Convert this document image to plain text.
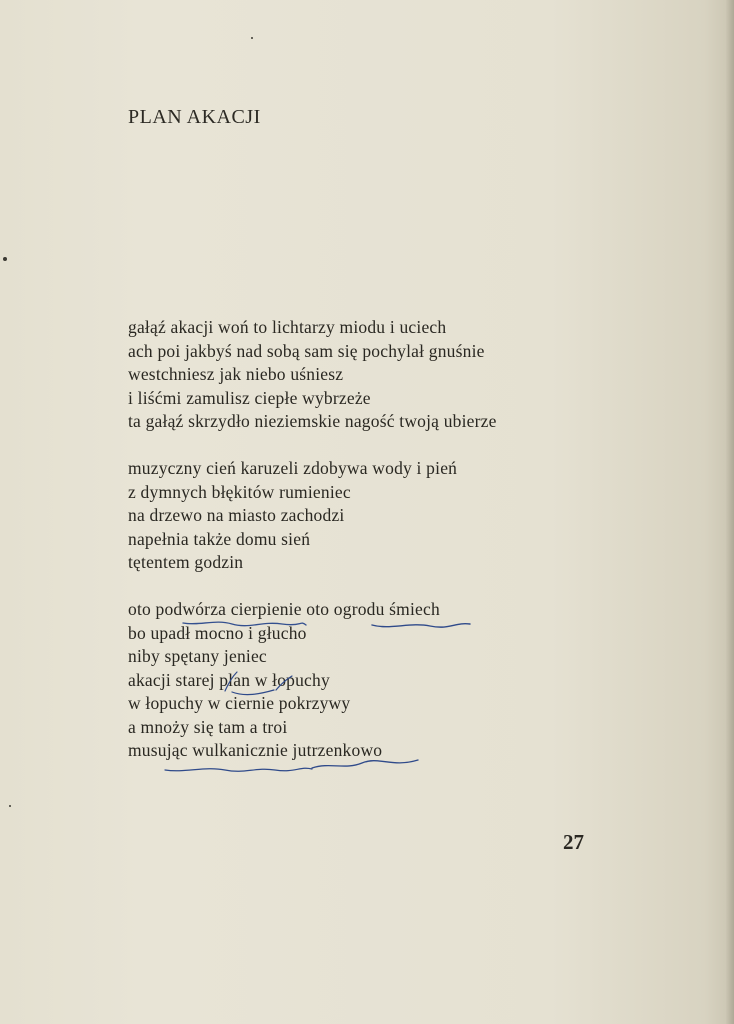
PLAN AKACJI
gałąź akacji woń to lichtarzy miodu i uciech
ach poi jakbyś nad sobą sam się pochylał gnuśnie
westchniesz jak niebo uśniesz
i liśćmi zamulisz ciepłe wybrzeże
ta gałąź skrzydło nieziemskie nagość twoją ubierze
muzyczny cień karuzeli zdobywa wody i pień
z dymnych błękitów rumieniec
na drzewo na miasto zachodzi
napełnia także domu sień
tętentem godzin
oto podwórza cierpienie oto ogrodu śmiech
bo upadł mocno i głucho
niby spętany jeniec
akacji starej plan w łopuchy
w łopuchy w ciernie pokrzywy
a mnoży się tam a troi
musując wulkanicznie jutrzenkowo
27
